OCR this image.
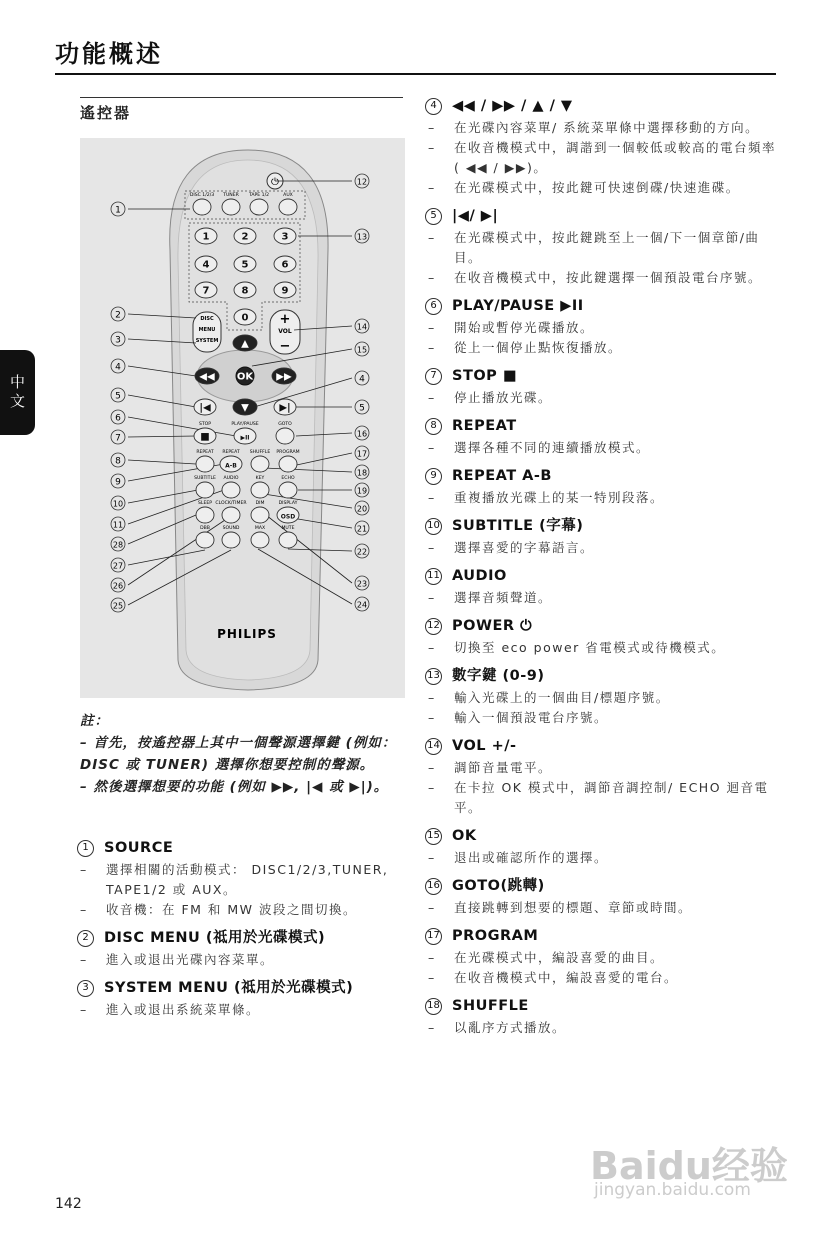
功能概述
遙控器
中文
⏻
DISC
MENU
SYSTEM
+
VOL
−
1
2
3
4
5
6
7
8
9
10
11
28
27
26
25
12
13
14
15
4
5
16
17
18
19
20
21
22
23
24
1	2	3
4	5	6
7	8	9
0
◀◀ OK ▶▶
▲
▼
|◀	▶|
■
STOP
▶II
PLAY/PAUSE	GOTO
REPEAT
A-B
REPEAT SHUFFLE PROGRAM
SUBTITLE AUDIO	KEY	ECHO
SLEEP CLOCK/TIMER DIM
OSD
DISPLAY
DBB	SOUND	MAX	MUTE
DISC 1/2/3 TUNER TAPE 1/2	AUX
PHILIPS
註：
– 首先，按遙控器上其中一個聲源選擇鍵 (例如：DISC 或 TUNER) 選擇你想要控制的聲源。
– 然後選擇想要的功能 (例如 ▶▶, |◀ 或 ▶|)。
1	SOURCE
–	選擇相關的活動模式： DISC1/2/3,TUNER, TAPE1/2 或 AUX。
–	收音機：在 FM 和 MW 波段之間切換。
2	DISC MENU (祗用於光碟模式)
–	進入或退出光碟內容菜單。
3	SYSTEM MENU (祗用於光碟模式)
–	進入或退出系統菜單條。
4	◀◀ / ▶▶ / ▲ / ▼
–	在光碟內容菜單/ 系統菜單條中選擇移動的方向。
–	在收音機模式中，調諧到一個較低或較高的電台頻率 ( ◀◀ / ▶▶)。
–	在光碟模式中，按此鍵可快速倒碟/快速進碟。
5	|◀/ ▶|
–	在光碟模式中，按此鍵跳至上一個/下一個章節/曲目。
–	在收音機模式中，按此鍵選擇一個預設電台序號。
6	PLAY/PAUSE ▶II
–	開始或暫停光碟播放。
–	從上一個停止點恢復播放。
7	STOP ■
–	停止播放光碟。
8	REPEAT
–	選擇各種不同的連續播放模式。
9	REPEAT A-B
–	重複播放光碟上的某一特別段落。
10 SUBTITLE (字幕)
–	選擇喜愛的字幕語言。
11 AUDIO
–	選擇音頻聲道。
12 POWER ⏻
–	切換至 eco power 省電模式或待機模式。
13 數字鍵 (0-9)
–	輸入光碟上的一個曲目/標題序號。
–	輸入一個預設電台序號。
14 VOL +/-
–	調節音量電平。
–	在卡拉 OK 模式中，調節音調控制/ ECHO 迴音電平。
15 OK
–	退出或確認所作的選擇。
16 GOTO(跳轉)
–	直接跳轉到想要的標題、章節或時間。
17 PROGRAM
–	在光碟模式中，編設喜愛的曲目。
–	在收音機模式中，編設喜愛的電台。
18 SHUFFLE
–	以亂序方式播放。
142
Baidu经验
jingyan.baidu.com
